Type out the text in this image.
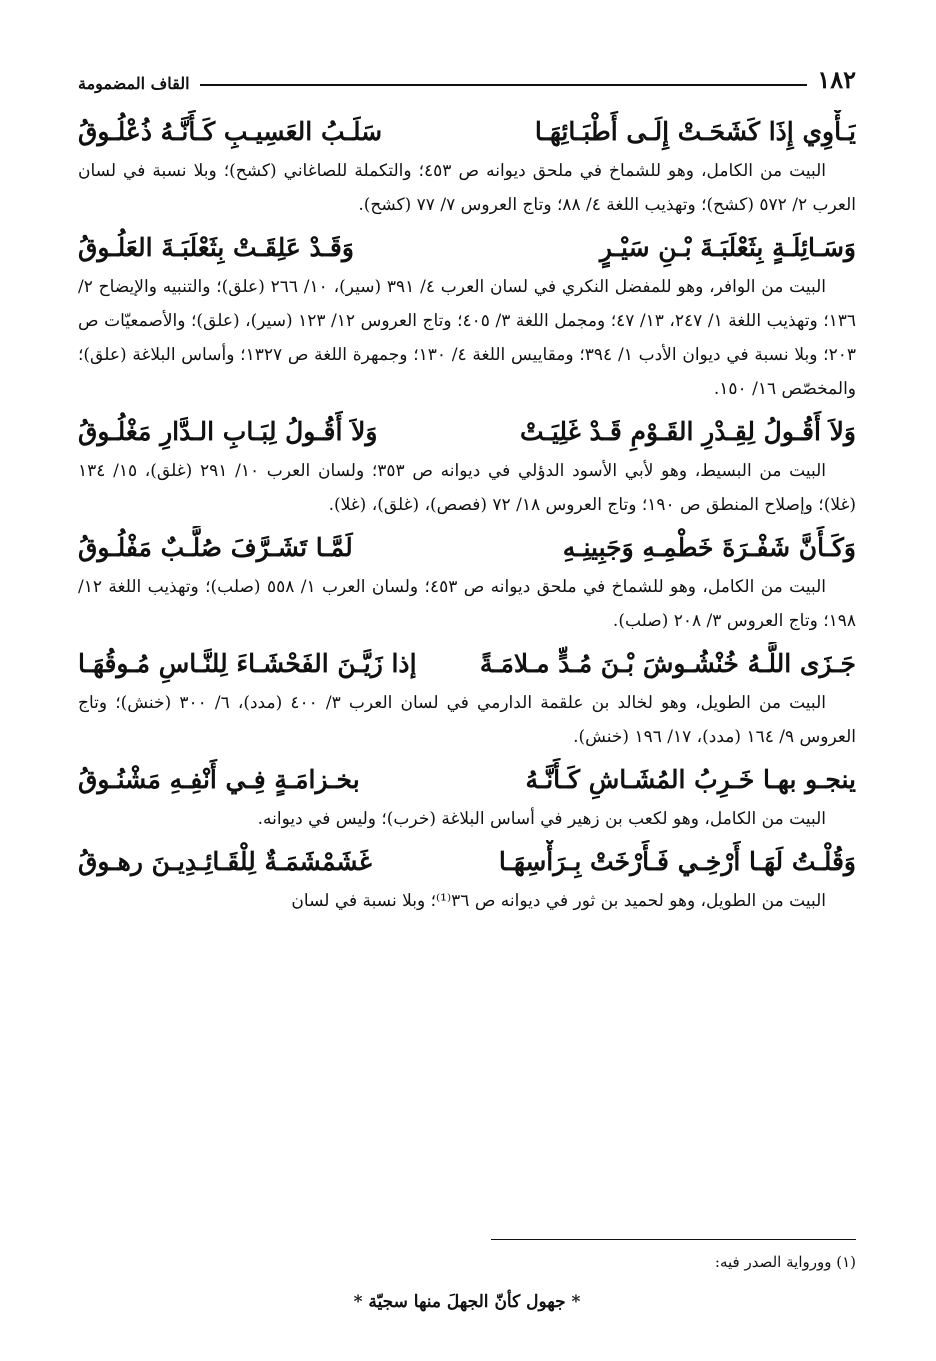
١٨٢
القاف المضمومة
يَـأْوِي إِذَا كَشَحَـتْ إِلَـى أَطْبَـائِهَـا
سَلَـبُ العَسِيـبِ كَـأَنَّـهُ ذُعْلُـوقُ

البيت من الكامل، وهو للشماخ في ملحق ديوانه ص ٤٥٣؛ والتكملة للصاغاني (كشح)؛ وبلا نسبة في لسان العرب ٢/ ٥٧٢ (كشح)؛ وتهذيب اللغة ٤/ ٨٨؛ وتاج العروس ٧/ ٧٧ (كشح).

وَسَـائِلَـةٍ بِثَعْلَبَـةَ بْـنِ سَيْـرٍ
وَقَـدْ عَلِقَـتْ بِثَعْلَبَـةَ العَلُـوقُ

البيت من الوافر، وهو للمفضل النكري في لسان العرب ٤/ ٣٩١ (سير)، ١٠/ ٢٦٦ (علق)؛ والتنبيه والإيضاح ٢/ ١٣٦؛ وتهذيب اللغة ١/ ٢٤٧، ١٣/ ٤٧؛ ومجمل اللغة ٣/ ٤٠٥؛ وتاج العروس ١٢/ ١٢٣ (سير)، (علق)؛ والأصمعيّات ص ٢٠٣؛ وبلا نسبة في ديوان الأدب ١/ ٣٩٤؛ ومقاييس اللغة ٤/ ١٣٠؛ وجمهرة اللغة ص ١٣٢٧؛ وأساس البلاغة (علق)؛ والمخصّص ١٦/ ١٥٠.

وَلاَ أَقُـولُ لِقِـدْرِ القَـوْمِ قَـدْ غَلِيَـتْ
وَلاَ أَقُـولُ لِبَـابِ الـدَّارِ مَغْلُـوقُ

البيت من البسيط، وهو لأبي الأسود الدؤلي في ديوانه ص ٣٥٣؛ ولسان العرب ١٠/ ٢٩١ (غلق)، ١٥/ ١٣٤ (غلا)؛ وإصلاح المنطق ص ١٩٠؛ وتاج العروس ١٨/ ٧٢ (فصص)، (غلق)، (غلا).

وَكَـأَنَّ شَفْـرَةَ خَطْمِـهِ وَجَبِينِـهِ
لَمَّـا تَشَـرَّفَ صُلَّـبٌ مَفْلُـوقُ

البيت من الكامل، وهو للشماخ في ملحق ديوانه ص ٤٥٣؛ ولسان العرب ١/ ٥٥٨ (صلب)؛ وتهذيب اللغة ١٢/ ١٩٨؛ وتاج العروس ٣/ ٢٠٨ (صلب).

جَـزَى اللَّـهُ خُنْشُـوشَ بْـنَ مُـدٍّ مـلامَـةً
إذا زَيَّـنَ الفَحْشَـاءَ لِلنَّـاسِ مُـوقُهَـا

البيت من الطويل، وهو لخالد بن علقمة الدارمي في لسان العرب ٣/ ٤٠٠ (مدد)، ٦/ ٣٠٠ (خنش)؛ وتاج العروس ٩/ ١٦٤ (مدد)، ١٧/ ١٩٦ (خنش).

ينجـو بهـا خَـرِبُ المُشَـاشِ كَـأَنَّـهُ
بخـزامَـةٍ فِـي أَنْفِـهِ مَشْنُـوقُ

البيت من الكامل، وهو لكعب بن زهير في أساس البلاغة (خرب)؛ وليس في ديوانه.

وَقُلْـتُ لَهَـا أَرْخِـي فَـأَرْخَتْ بِـرَأْسِهَـا
غَشَمْشَمَـةٌ لِلْقَـائِـدِيـنَ رهـوقُ

البيت من الطويل، وهو لحميد بن ثور في ديوانه ص ٣٦⁽¹⁾؛ وبلا نسبة في لسان

(١) وورواية الصدر فيه:
* جهول كأنّ الجهلَ منها سجيّة *
